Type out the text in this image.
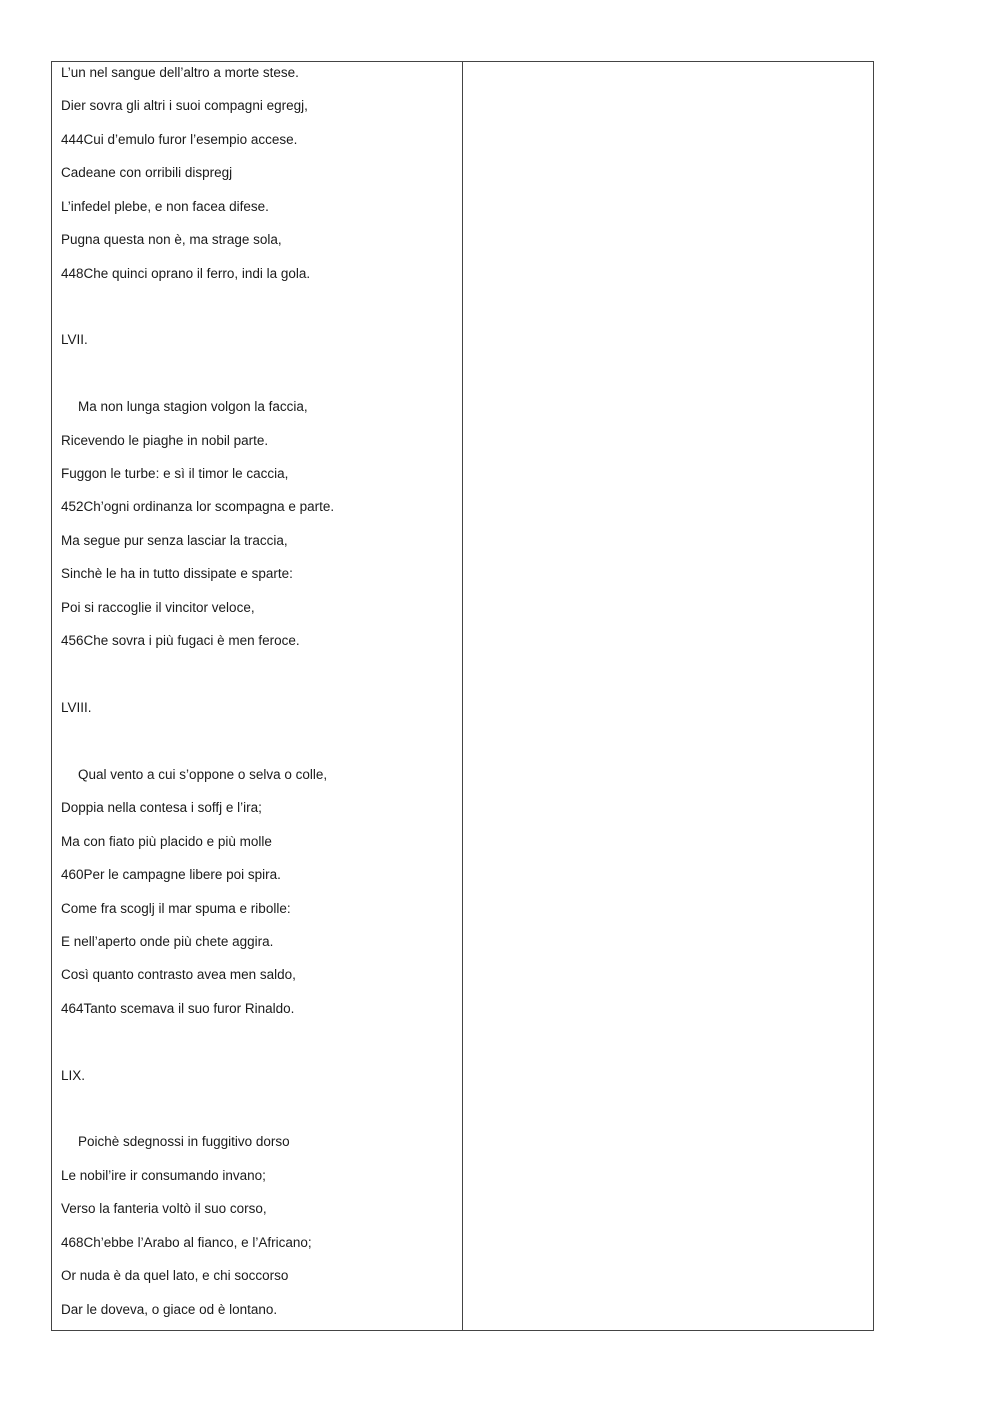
L’un nel sangue dell’altro a morte stese.
Dier sovra gli altri i suoi compagni egregj,
444Cui d’emulo furor l’esempio accese.
Cadeane con orribili dispregj
L’infedel plebe, e non facea difese.
Pugna questa non è, ma strage sola,
448Che quinci oprano il ferro, indi la gola.
LVII.
Ma non lunga stagion volgon la faccia,
Ricevendo le piaghe in nobil parte.
Fuggon le turbe: e sì il timor le caccia,
452Ch’ogni ordinanza lor scompagna e parte.
Ma segue pur senza lasciar la traccia,
Sinchè le ha in tutto dissipate e sparte:
Poi si raccoglie il vincitor veloce,
456Che sovra i più fugaci è men feroce.
LVIII.
Qual vento a cui s’oppone o selva o colle,
Doppia nella contesa i soffj e l’ira;
Ma con fiato più placido e più molle
460Per le campagne libere poi spira.
Come fra scoglj il mar spuma e ribolle:
E nell’aperto onde più chete aggira.
Così quanto contrasto avea men saldo,
464Tanto scemava il suo furor Rinaldo.
LIX.
Poichè sdegnossi in fuggitivo dorso
Le nobil’ire ir consumando invano;
Verso la fanteria voltò il suo corso,
468Ch’ebbe l’Arabo al fianco, e l’Africano;
Or nuda è da quel lato, e chi soccorso
Dar le doveva, o giace od è lontano.
